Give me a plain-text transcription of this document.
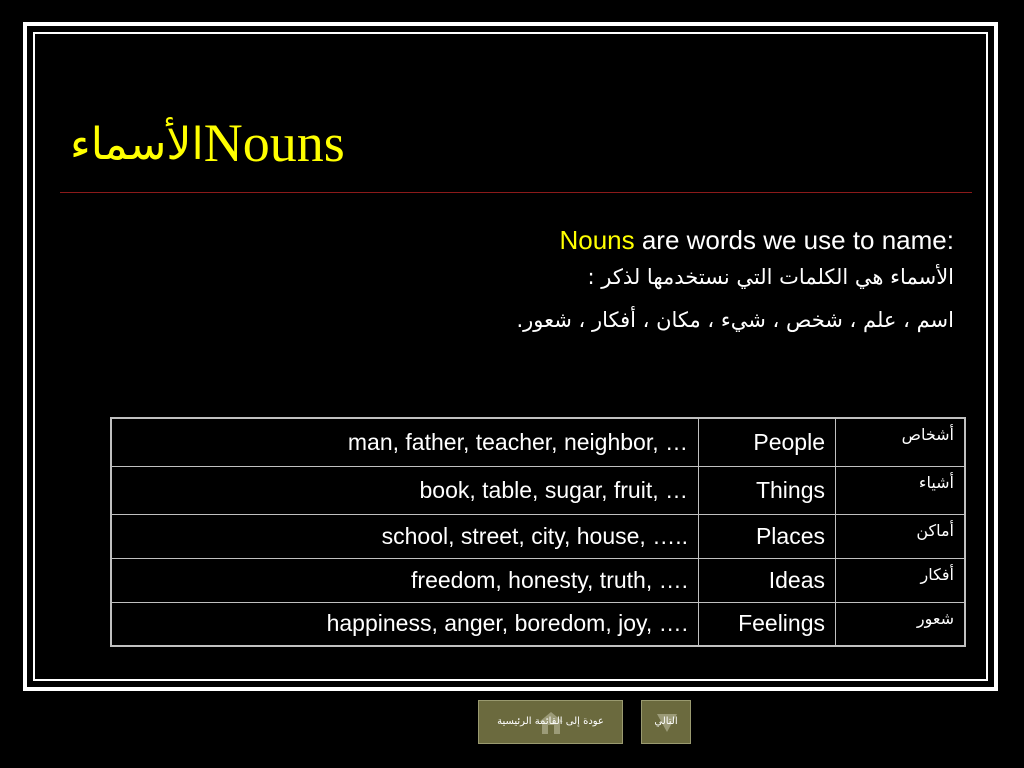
الأسماءNouns
Nouns are words we use to name:
الأسماء هي الكلمات التي نستخدمها لذكر :
اسم ، علم ، شخص ، شيء ، مكان ، أفكار ، شعور.
man, father, teacher, neighbor, …	People	أشخاص
book, table, sugar, fruit, …	Things	أشياء
school, street, city, house, …..	Places	أماكن
freedom, honesty, truth, ….	Ideas	أفكار
happiness, anger, boredom, joy, ….	Feelings	شعور
عودة إلى القائمة الرئيسية	التالي
